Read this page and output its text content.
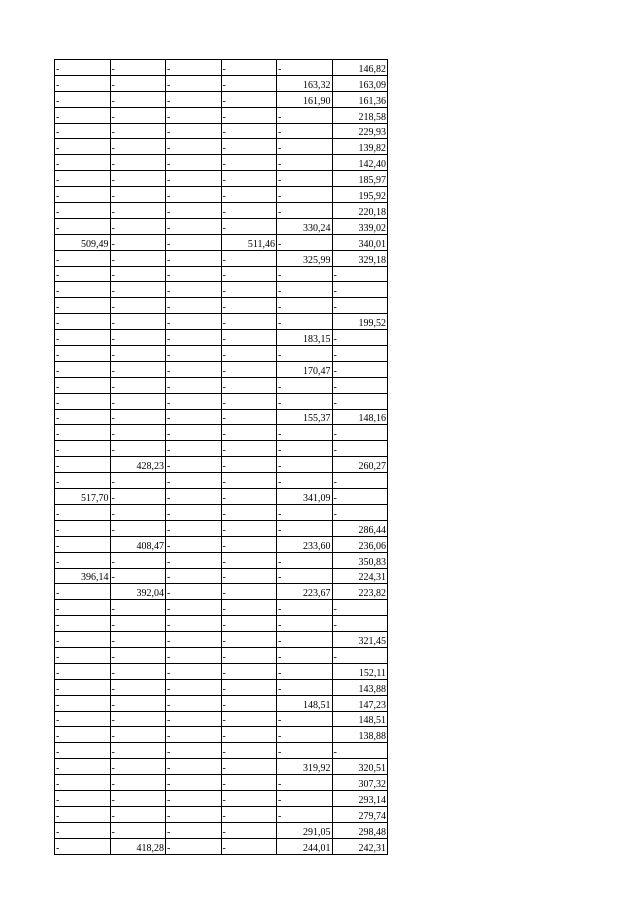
-	-	-	-	-	146,82
-	-	-	-	163,32	163,09
-	-	-	-	161,90	161,36
-	-	-	-	-	218,58
-	-	-	-	-	229,93
-	-	-	-	-	139,82
-	-	-	-	-	142,40
-	-	-	-	-	185,97
-	-	-	-	-	195,92
-	-	-	-	-	220,18
-	-	-	-	330,24	339,02
509,49	-	-	511,46	-	340,01
-	-	-	-	325,99	329,18
-	-	-	-	-	-
-	-	-	-	-	-
-	-	-	-	-	-
-	-	-	-	-	199,52
-	-	-	-	183,15	-
-	-	-	-	-	-
-	-	-	-	170,47	-
-	-	-	-	-	-
-	-	-	-	-	-
-	-	-	-	155,37	148,16
-	-	-	-	-	-
-	-	-	-	-	-
-	428,23	-	-	-	260,27
-	-	-	-	-	-
517,70	-	-	-	341,09	-
-	-	-	-	-	-
-	-	-	-	-	286,44
-	408,47	-	-	233,60	236,06
-	-	-	-	-	350,83
396,14	-	-	-	-	224,31
-	392,04	-	-	223,67	223,82
-	-	-	-	-	-
-	-	-	-	-	-
-	-	-	-	-	321,45
-	-	-	-	-	-
-	-	-	-	-	152,11
-	-	-	-	-	143,88
-	-	-	-	148,51	147,23
-	-	-	-	-	148,51
-	-	-	-	-	138,88
-	-	-	-	-	-
-	-	-	-	319,92	320,51
-	-	-	-	-	307,32
-	-	-	-	-	293,14
-	-	-	-	-	279,74
-	-	-	-	291,05	298,48
-	418,28	-	-	244,01	242,31
